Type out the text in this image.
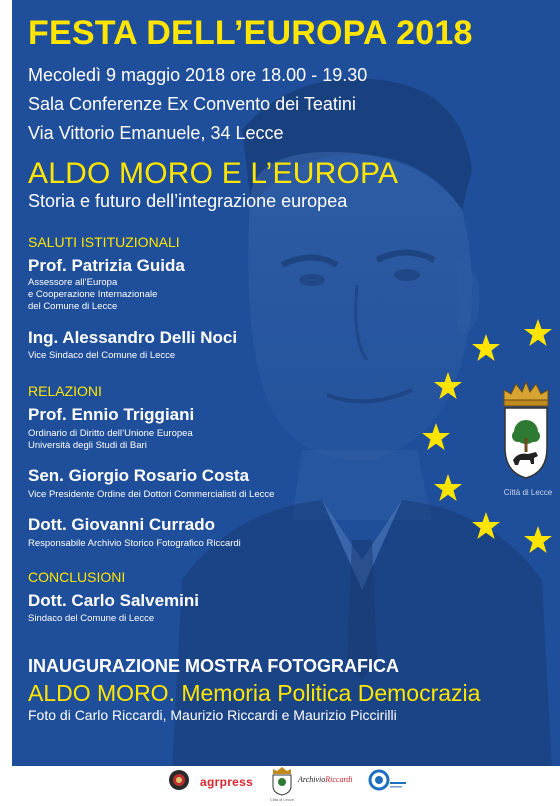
FESTA DELL’EUROPA 2018
Mecoledì 9 maggio 2018 ore 18.00 - 19.30
Sala Conferenze Ex Convento dei Teatini
Via Vittorio Emanuele, 34 Lecce
ALDO MORO E L’EUROPA
Storia e futuro dell’integrazione europea
SALUTI ISTITUZIONALI
Prof. Patrizia Guida
Assessore all’Europa
e Cooperazione Internazionale
del Comune di Lecce
Ing. Alessandro Delli Noci
Vice Sindaco del Comune di Lecce
RELAZIONI
Prof. Ennio Triggiani
Ordinario di Diritto dell’Unione Europea
Università degli Studi di Bari
Sen. Giorgio Rosario Costa
Vice Presidente Ordine dei Dottori Commercialisti di Lecce
Dott. Giovanni Currado
Responsabile Archivio Storico Fotografico Riccardi
CONCLUSIONI
Dott. Carlo Salvemini
Sindaco del Comune di Lecce
INAUGURAZIONE MOSTRA FOTOGRAFICA
ALDO MORO. Memoria Politica Democrazia
Foto di Carlo Riccardi, Maurizio Riccardi e Maurizio Piccirilli
Città di Lecce
agrpress
Città di Lecce
ArchivioRiccardi
